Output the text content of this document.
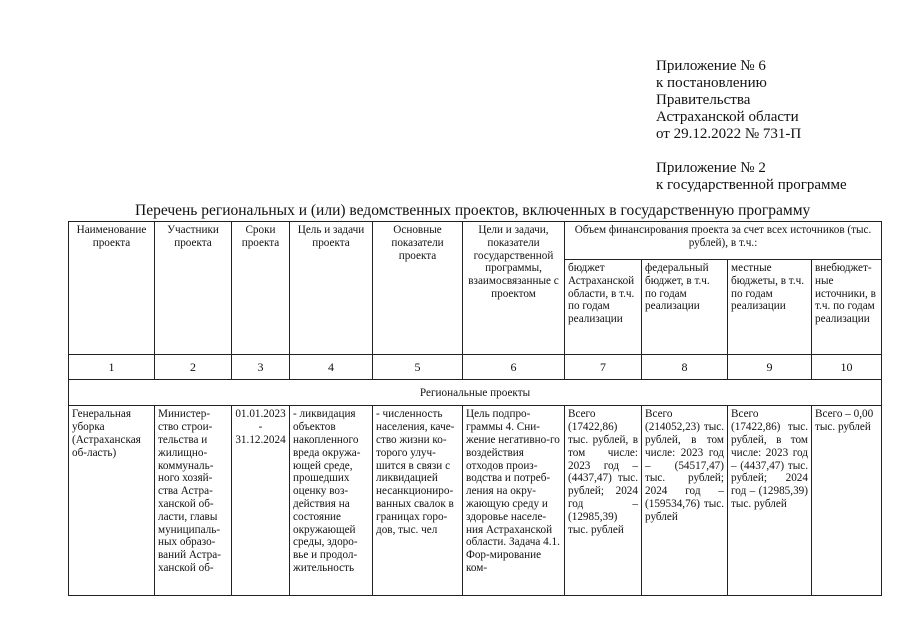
Приложение № 6
к постановлению
Правительства
Астраханской области
от 29.12.2022 № 731-П
Приложение № 2
к государственной программе
Перечень региональных и (или) ведомственных проектов, включенных в государственную программу
Наименование проекта	Участники проекта	Сроки проекта	Цель и задачи проекта	Основные показатели проекта	Цели и задачи, показатели государственной программы, взаимосвязанные с проектом	Объем финансирования проекта за счет всех источников (тыс. рублей), в т.ч.:			
						бюджет Астраханской области, в т.ч. по годам реализации	федеральный бюджет, в т.ч. по годам реализации	местные бюджеты, в т.ч. по годам реализации	внебюджет-ные источники, в т.ч. по годам реализации
1	2	3	4	5	6	7	8	9	10
Региональные проекты									
Генеральная уборка (Астраханская об-ласть)	Министер-ство строи-тельства и жилищно-коммуналь-ного хозяй-ства Астра-ханской об-ласти, главы муниципаль-ных образо-ваний Астра-ханской об-	01.01.2023
-
31.12.2024	- ликвидация объектов накопленного вреда окружа-ющей среде, прошедших оценку воз-действия на состояние окружающей среды, здоро-вье и продол-жительность	- численность населения, каче-ство жизни ко-торого улуч-шится в связи с ликвидацией несанкциониро-ванных свалок в границах горо-дов, тыс. чел	Цель подпро-граммы 4. Сни-жение негативно-го воздействия отходов произ-водства и потреб-ления на окру-жающую среду и здоровье населе-ния Астраханской области. Задача 4.1. Фор-мирование ком-	Всего (17422,86) тыс. рублей, в том числе: 2023 год – (4437,47) тыс. рублей; 2024 год – (12985,39) тыс. рублей	Всего (214052,23) тыс. рублей, в том числе: 2023 год – (54517,47) тыс. рублей; 2024 год – (159534,76) тыс. рублей	Всего (17422,86) тыс. рублей, в том числе: 2023 год – (4437,47) тыс. рублей; 2024 год – (12985,39) тыс. рублей	Всего – 0,00 тыс. рублей
